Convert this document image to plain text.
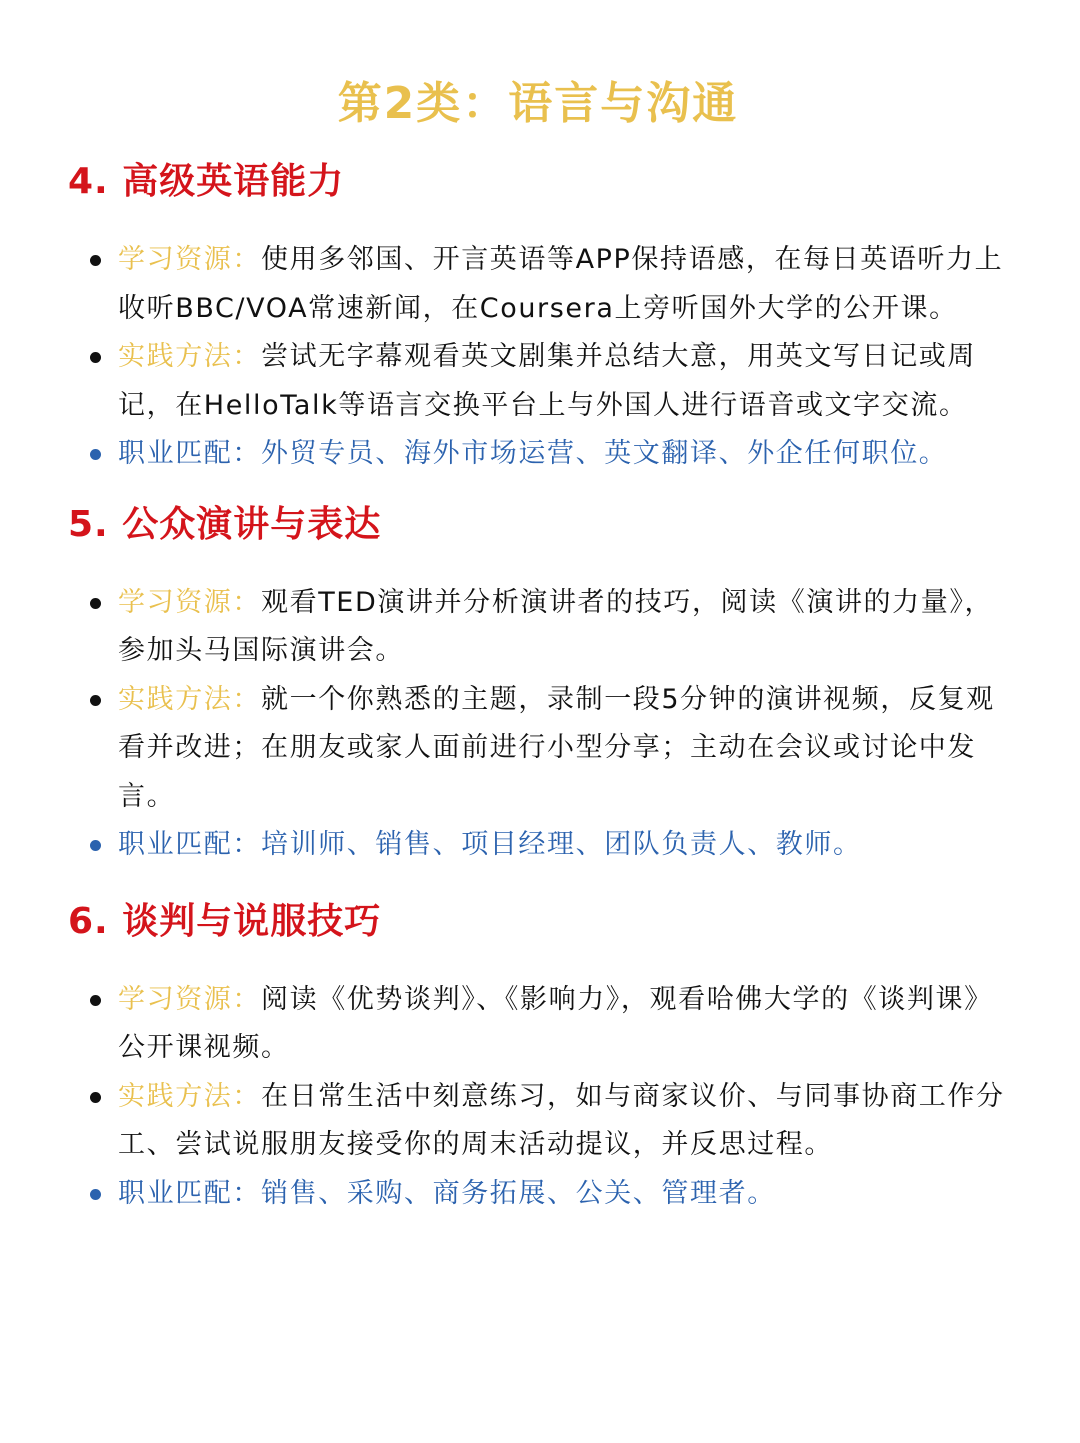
第2类：语言与沟通
4. 高级英语能力
学习资源：使用多邻国、开言英语等APP保持语感，在每日英语听力上收听BBC/VOA常速新闻，在Coursera上旁听国外大学的公开课。
实践方法：尝试无字幕观看英文剧集并总结大意，用英文写日记或周记，在HelloTalk等语言交换平台上与外国人进行语音或文字交流。
职业匹配：外贸专员、海外市场运营、英文翻译、外企任何职位。
5. 公众演讲与表达
学习资源：观看TED演讲并分析演讲者的技巧，阅读《演讲的力量》，参加头马国际演讲会。
实践方法：就一个你熟悉的主题，录制一段5分钟的演讲视频，反复观看并改进；在朋友或家人面前进行小型分享；主动在会议或讨论中发言。
职业匹配：培训师、销售、项目经理、团队负责人、教师。
6. 谈判与说服技巧
学习资源：阅读《优势谈判》、《影响力》，观看哈佛大学的《谈判课》公开课视频。
实践方法：在日常生活中刻意练习，如与商家议价、与同事协商工作分工、尝试说服朋友接受你的周末活动提议，并反思过程。
职业匹配：销售、采购、商务拓展、公关、管理者。
